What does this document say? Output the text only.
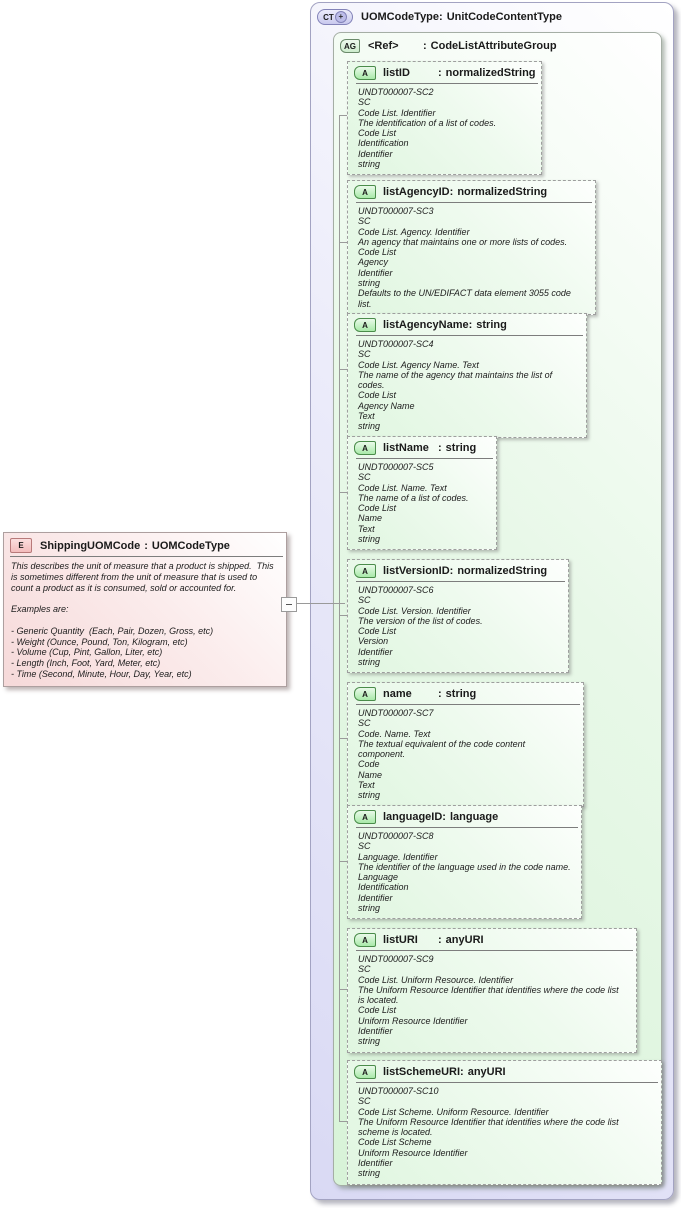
CT +	UOMCodeType : UnitCodeContentType
AG	<Ref>	: CodeListAttributeGroup
A	listID	: normalizedString
UNDT000007-SC2
SC
Code List. Identifier
The identification of a list of codes.
Code List
Identification
Identifier
string
A	listAgencyID : normalizedString
UNDT000007-SC3
SC
Code List. Agency. Identifier
An agency that maintains one or more lists of codes.
Code List
Agency
Identifier
string
Defaults to the UN/EDIFACT data element 3055 code list.
A	listAgencyName : string
UNDT000007-SC4
SC
Code List. Agency Name. Text
The name of the agency that maintains the list of codes.
Code List
Agency Name
Text
string
A	listName : string
UNDT000007-SC5
SC
Code List. Name. Text
The name of a list of codes.
Code List
Name
Text
string
A	listVersionID : normalizedString
UNDT000007-SC6
SC
Code List. Version. Identifier
The version of the list of codes.
Code List
Version
Identifier
string
A	name	: string
UNDT000007-SC7
SC
Code. Name. Text
The textual equivalent of the code content component.
Code
Name
Text
string
A	languageID : language
UNDT000007-SC8
SC
Language. Identifier
The identifier of the language used in the code name.
Language
Identification
Identifier
string
A	listURI	: anyURI
UNDT000007-SC9
SC
Code List. Uniform Resource. Identifier
The Uniform Resource Identifier that identifies where the code list is located.
Code List
Uniform Resource Identifier
Identifier
string
A	listSchemeURI : anyURI
UNDT000007-SC10
SC
Code List Scheme. Uniform Resource. Identifier
The Uniform Resource Identifier that identifies where the code list scheme is located.
Code List Scheme
Uniform Resource Identifier
Identifier
string
E	ShippingUOMCode : UOMCodeType
This describes the unit of measure that a product is shipped.  This is sometimes different from the unit of measure that is used to count a product as it is consumed, sold or accounted for.

Examples are:

- Generic Quantity  (Each, Pair, Dozen, Gross, etc)
- Weight (Ounce, Pound, Ton, Kilogram, etc)
- Volume (Cup, Pint, Gallon, Liter, etc)
- Length (Inch, Foot, Yard, Meter, etc)
- Time (Second, Minute, Hour, Day, Year, etc)
